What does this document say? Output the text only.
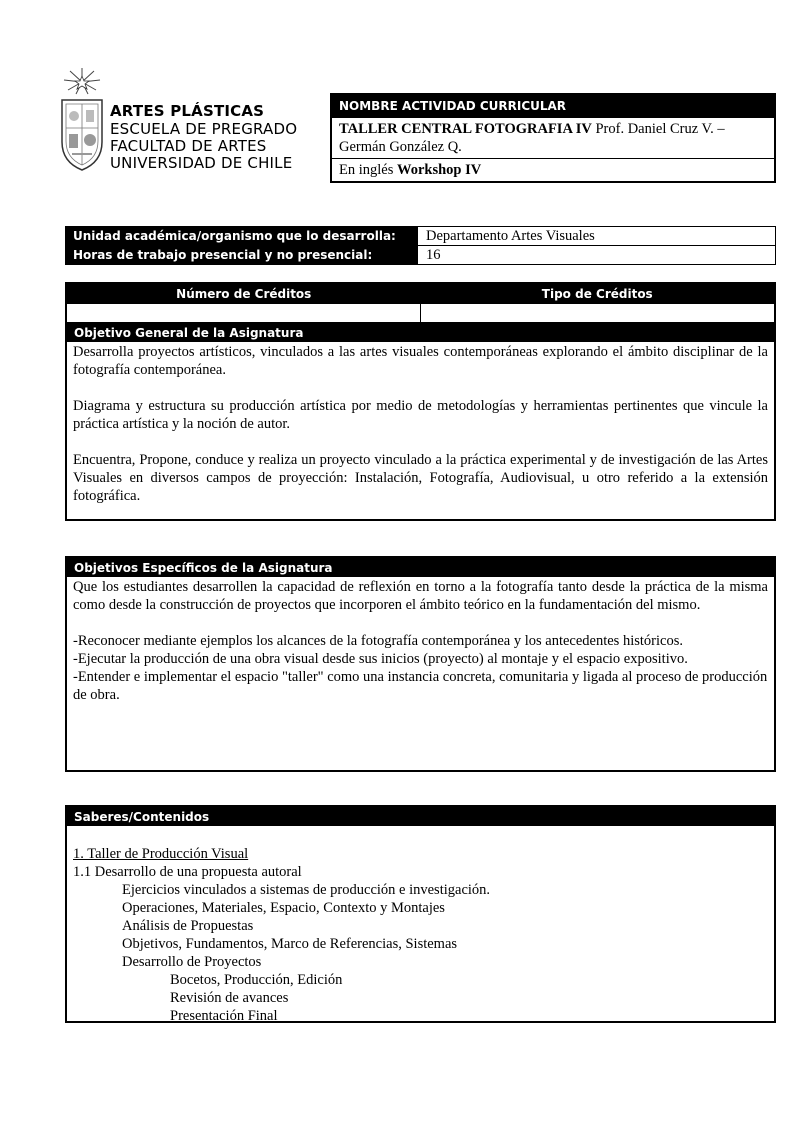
ARTES PLÁSTICAS
ESCUELA DE PREGRADO
FACULTAD DE ARTES
UNIVERSIDAD DE CHILE
NOMBRE ACTIVIDAD CURRICULAR
TALLER CENTRAL FOTOGRAFIA IV Prof. Daniel Cruz V. – Germán González Q.
En inglés Workshop IV
Unidad académica/organismo que lo desarrolla:	Departamento Artes Visuales
Horas de trabajo presencial y no presencial:	16
Número de Créditos	Tipo de Créditos
Objetivo General de la Asignatura
Desarrolla proyectos artísticos, vinculados a las artes visuales contemporáneas explorando el ámbito disciplinar de la fotografía contemporánea.
Diagrama y estructura su producción artística por medio de metodologías y herramientas pertinentes que vincule la práctica artística y la noción de autor.
Encuentra, Propone, conduce y realiza un proyecto vinculado a la práctica experimental y de investigación de las Artes Visuales en diversos campos de proyección: Instalación, Fotografía, Audiovisual, u otro referido a la extensión fotográfica.
Objetivos Específicos de la Asignatura
Que los estudiantes desarrollen la capacidad de reflexión en torno a la fotografía tanto desde la práctica de la misma como desde la construcción de proyectos que incorporen el ámbito teórico en la fundamentación del mismo.
-Reconocer mediante ejemplos los alcances de la fotografía contemporánea y los antecedentes históricos.
-Ejecutar la producción de una obra visual desde sus inicios (proyecto) al montaje y el espacio expositivo.
-Entender e implementar el espacio "taller" como una instancia concreta, comunitaria y ligada al proceso de producción de obra.
Saberes/Contenidos
1. Taller de Producción Visual
1.1 Desarrollo de una propuesta autoral
Ejercicios vinculados a sistemas de producción e investigación.
Operaciones, Materiales, Espacio, Contexto y Montajes
Análisis de Propuestas
Objetivos, Fundamentos, Marco de Referencias, Sistemas
Desarrollo de Proyectos
Bocetos, Producción, Edición
Revisión de avances
Presentación Final
